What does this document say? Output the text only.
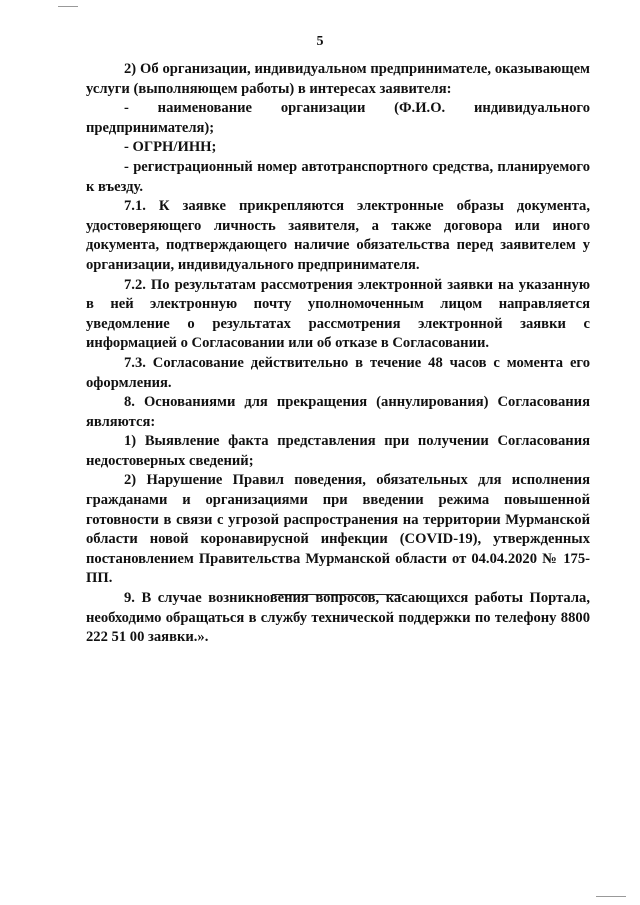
5

2) Об организации, индивидуальном предпринимателе, оказывающем услуги (выполняющем работы) в интересах заявителя:

- наименование организации (Ф.И.О. индивидуального предпринимателя);

- ОГРН/ИНН;

- регистрационный номер автотранспортного средства, планируемого к въезду.

7.1. К заявке прикрепляются электронные образы документа, удостоверяющего личность заявителя, а также договора или иного документа, подтверждающего наличие обязательства перед заявителем у организации, индивидуального предпринимателя.

7.2. По результатам рассмотрения электронной заявки на указанную в ней электронную почту уполномоченным лицом направляется уведомление о результатах рассмотрения электронной заявки с информацией о Согласовании или об отказе в Согласовании.

7.3. Согласование действительно в течение 48 часов с момента его оформления.

8. Основаниями для прекращения (аннулирования) Согласования являются:

1) Выявление факта представления при получении Согласования недостоверных сведений;

2) Нарушение Правил поведения, обязательных для исполнения гражданами и организациями при введении режима повышенной готовности в связи с угрозой распространения на территории Мурманской области новой коронавирусной инфекции (COVID-19), утвержденных постановлением Правительства Мурманской области от 04.04.2020 № 175-ПП.

9. В случае возникновения вопросов, касающихся работы Портала, необходимо обращаться в службу технической поддержки по телефону 8800 222 51 00 заявки.».
